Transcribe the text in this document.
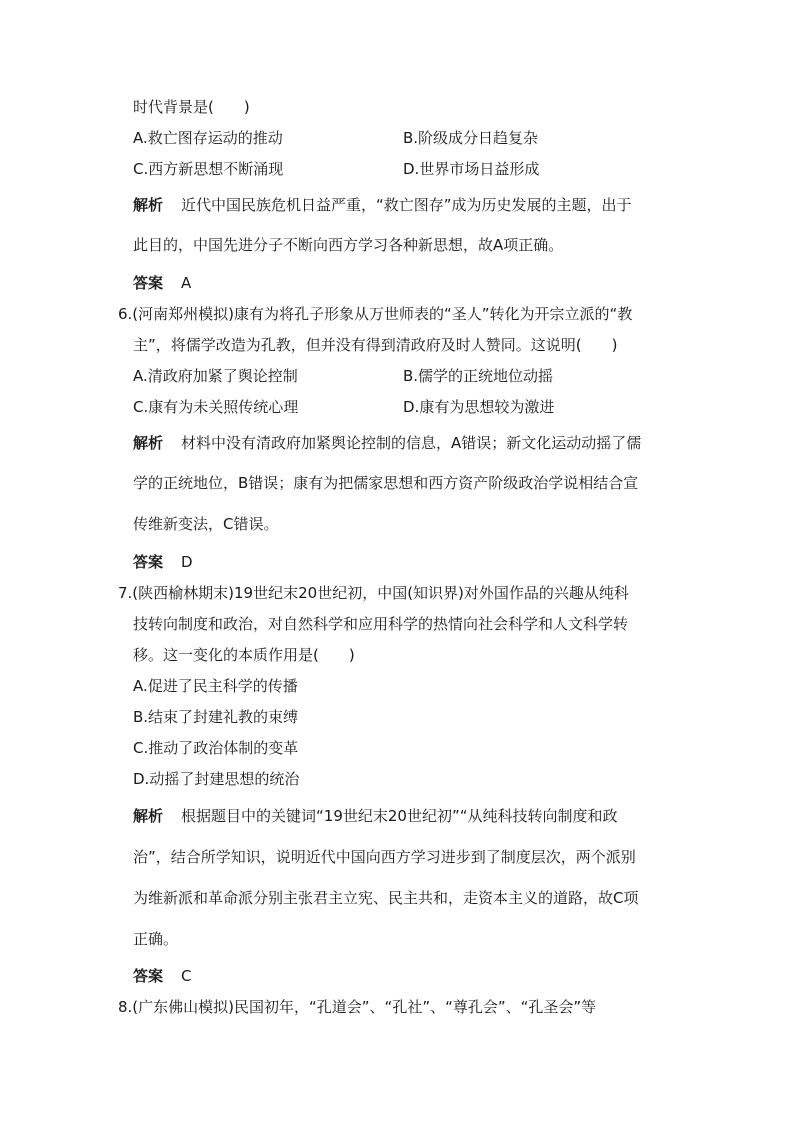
时代背景是(　　)
A.救亡图存运动的推动	B.阶级成分日趋复杂
C.西方新思想不断涌现	D.世界市场日益形成
解析 近代中国民族危机日益严重，“救亡图存”成为历史发展的主题，出于
此目的，中国先进分子不断向西方学习各种新思想，故A项正确。
答案 A
6.(河南郑州模拟)康有为将孔子形象从万世师表的“圣人”转化为开宗立派的“教
主”，将儒学改造为孔教，但并没有得到清政府及时人赞同。这说明(　　)
A.清政府加紧了舆论控制	B.儒学的正统地位动摇
C.康有为未关照传统心理	D.康有为思想较为激进
解析 材料中没有清政府加紧舆论控制的信息，A错误；新文化运动动摇了儒
学的正统地位，B错误；康有为把儒家思想和西方资产阶级政治学说相结合宣
传维新变法，C错误。
答案 D
7.(陕西榆林期末)19世纪末20世纪初，中国(知识界)对外国作品的兴趣从纯科
技转向制度和政治，对自然科学和应用科学的热情向社会科学和人文科学转
移。这一变化的本质作用是(　　)
A.促进了民主科学的传播
B.结束了封建礼教的束缚
C.推动了政治体制的变革
D.动摇了封建思想的统治
解析 根据题目中的关键词“19世纪末20世纪初”“从纯科技转向制度和政
治”，结合所学知识，说明近代中国向西方学习进步到了制度层次，两个派别
为维新派和革命派分别主张君主立宪、民主共和，走资本主义的道路，故C项
正确。
答案 C
8.(广东佛山模拟)民国初年，“孔道会”、“孔社”、“尊孔会”、“孔圣会”等
